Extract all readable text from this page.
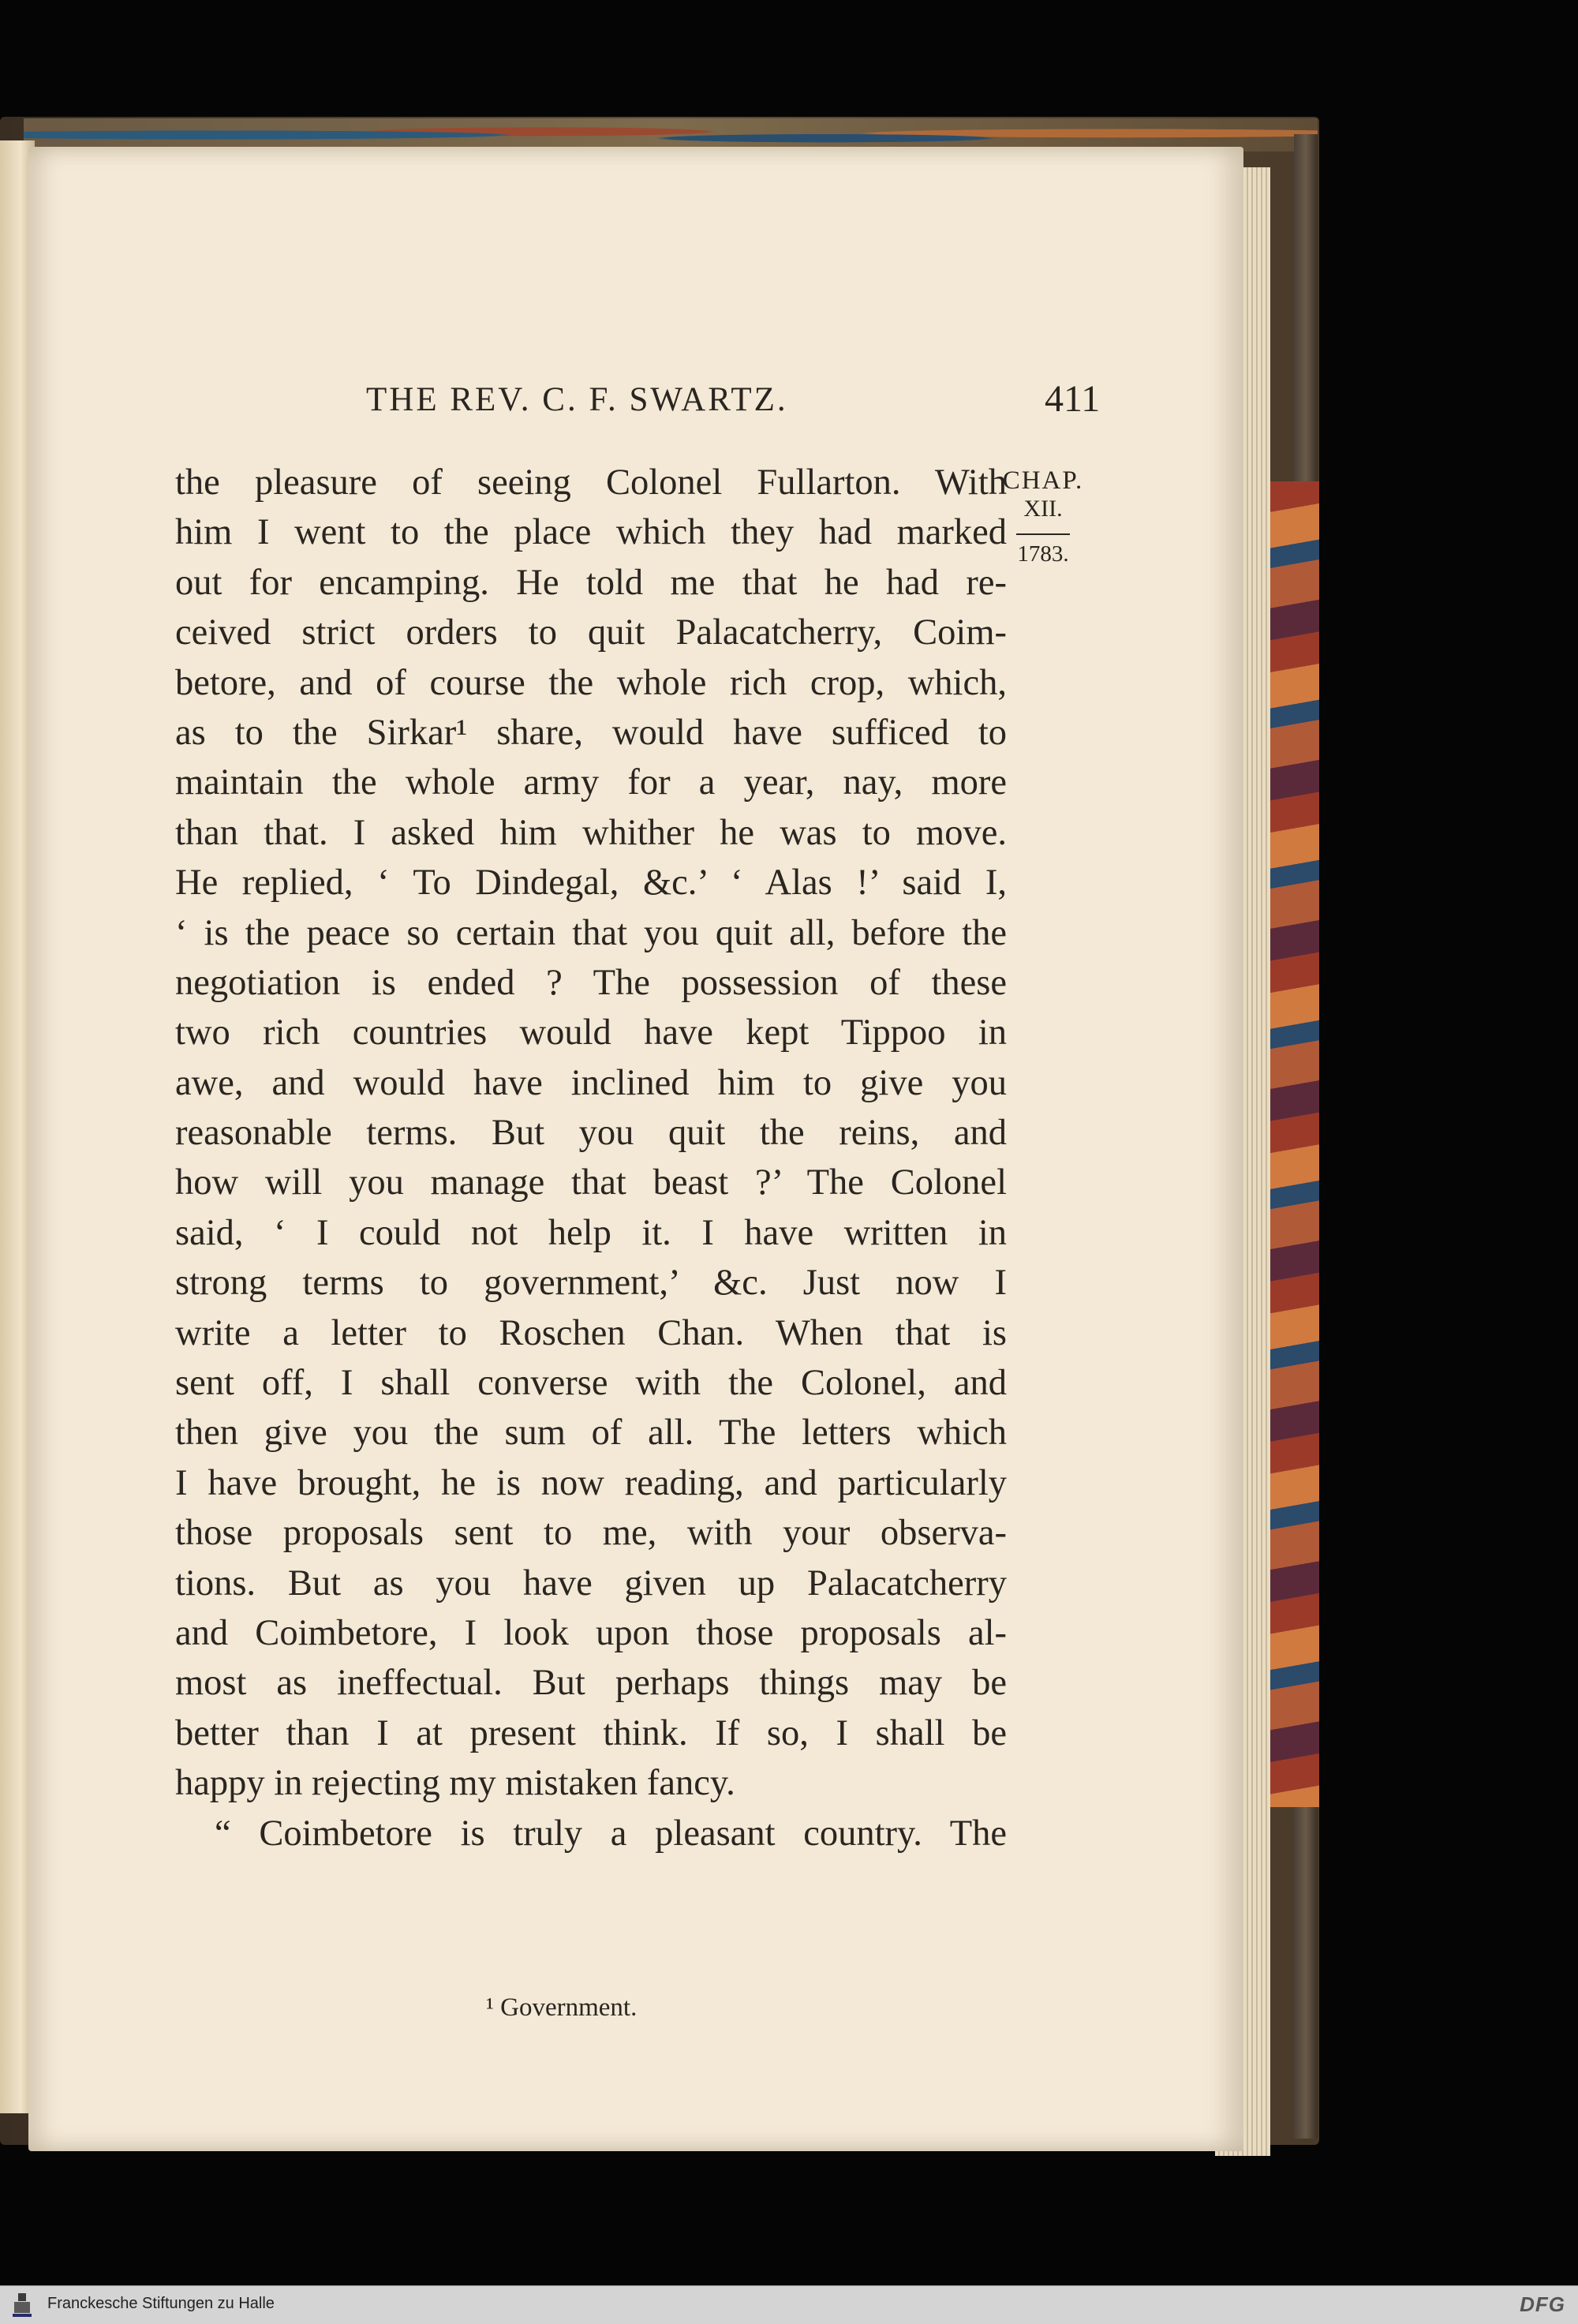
THE REV. C. F. SWARTZ.	411
CHAP.
XII.
1783.
the pleasure of seeing Colonel Fullarton. With
him I went to the place which they had marked
out for encamping. He told me that he had re-
ceived strict orders to quit Palacatcherry, Coim-
betore, and of course the whole rich crop, which,
as to the Sirkar¹ share, would have sufficed to
maintain the whole army for a year, nay, more
than that. I asked him whither he was to move.
He replied, ‘ To Dindegal, &c.’ ‘ Alas !’ said I,
‘ is the peace so certain that you quit all, before the
negotiation is ended ? The possession of these
two rich countries would have kept Tippoo in
awe, and would have inclined him to give you
reasonable terms. But you quit the reins, and
how will you manage that beast ?’ The Colonel
said, ‘ I could not help it. I have written in
strong terms to government,’ &c. Just now I
write a letter to Roschen Chan. When that is
sent off, I shall converse with the Colonel, and
then give you the sum of all. The letters which
I have brought, he is now reading, and particularly
those proposals sent to me, with your observa-
tions. But as you have given up Palacatcherry
and Coimbetore, I look upon those proposals al-
most as ineffectual. But perhaps things may be
better than I at present think. If so, I shall be
happy in rejecting my mistaken fancy.
“ Coimbetore is truly a pleasant country. The
¹ Government.
Franckesche Stiftungen zu Halle	DFG
